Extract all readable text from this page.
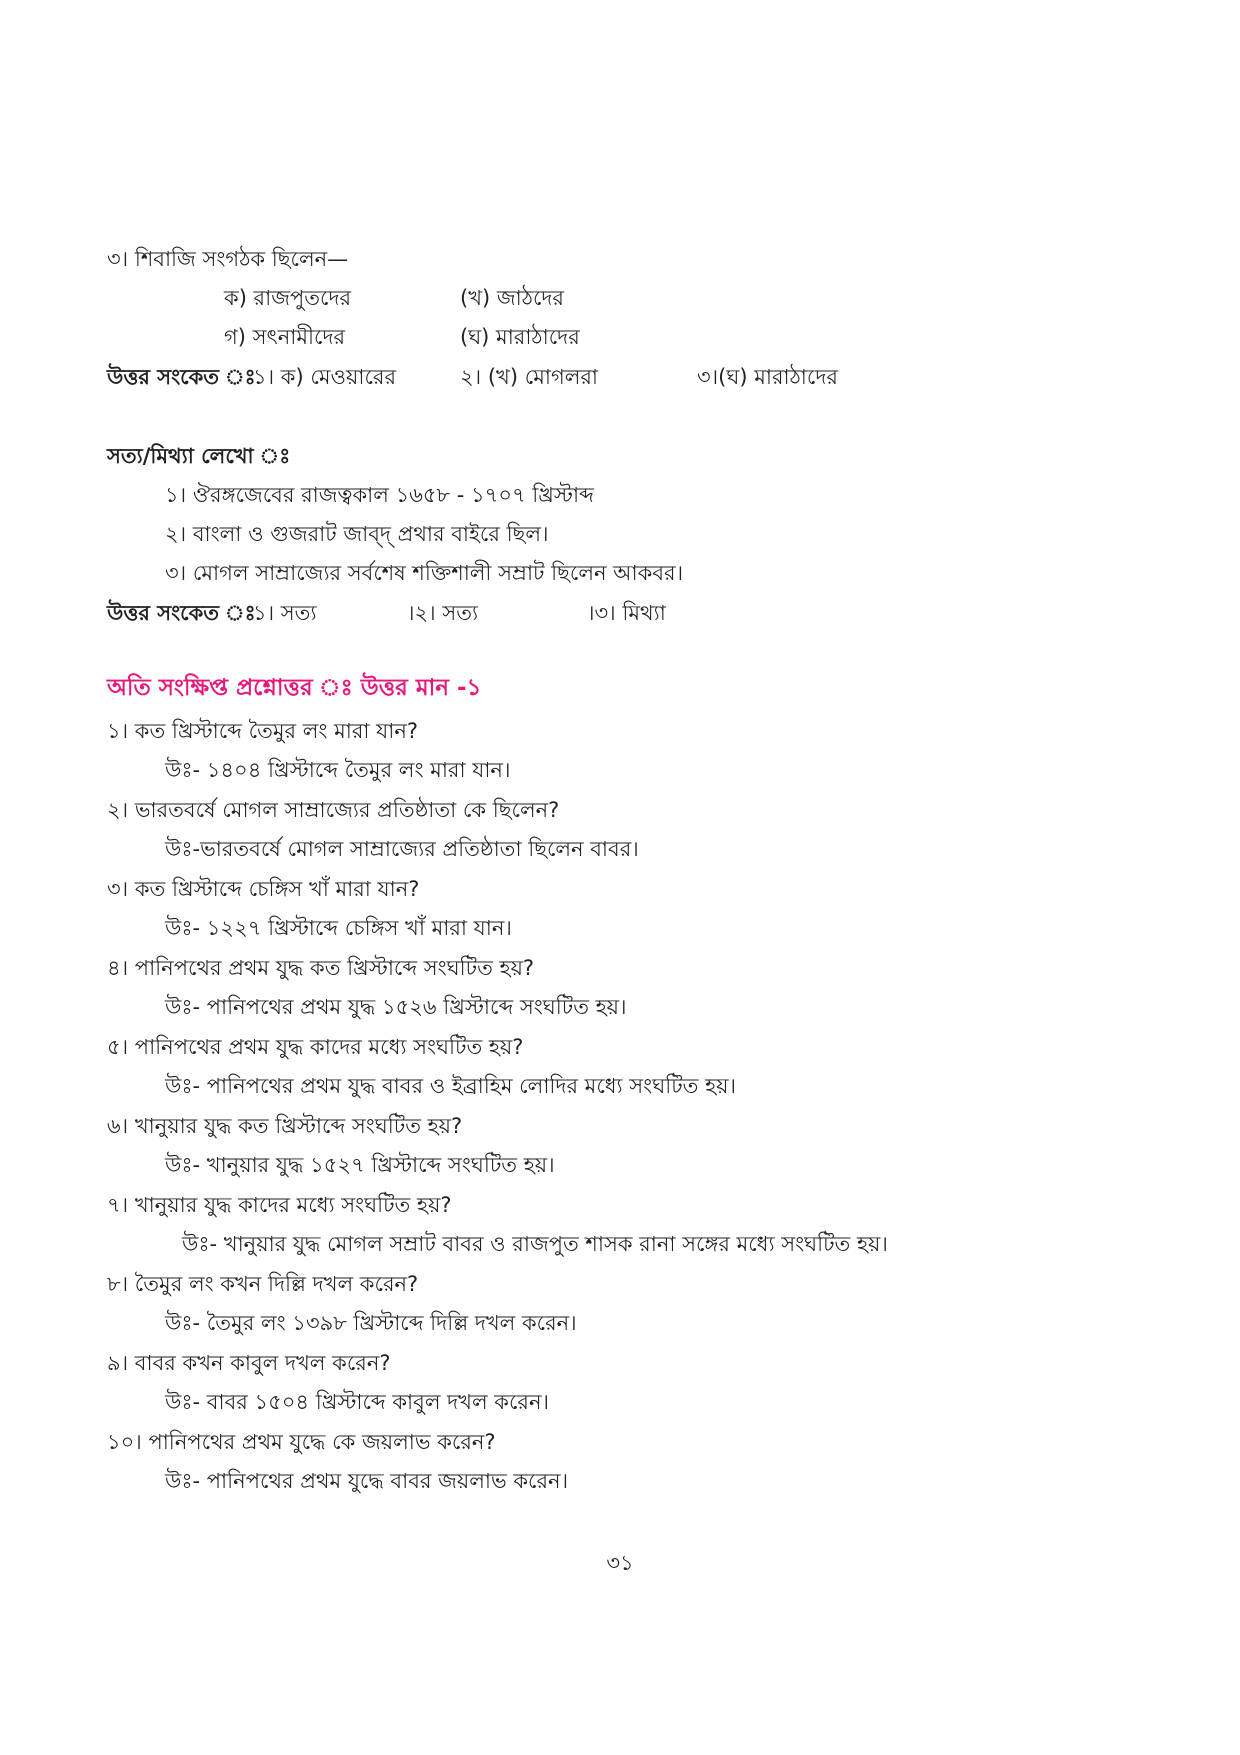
৩। শিবাজি সংগঠক ছিলেন—
ক) রাজপুতদের	(খ) জাঠদের
গ) সৎনামীদের	(ঘ) মারাঠাদের
উত্তর সংকেত ঃ
১। ক) মেওয়ারের	২। (খ) মোগলরা	৩।(ঘ) মারাঠাদের
সত্য/মিথ্যা লেখো ঃ
১। ঔরঙ্গজেবের রাজত্বকাল ১৬৫৮ - ১৭০৭ খ্রিস্টাব্দ
২। বাংলা ও গুজরাট জাব্‌দ্ প্রথার বাইরে ছিল।
৩। মোগল সাম্রাজ্যের সর্বশেষ শক্তিশালী সম্রাট ছিলেন আকবর।
উত্তর সংকেত ঃ
১। সত্য	।২। সত্য	।৩। মিথ্যা
অতি সংক্ষিপ্ত প্রশ্নোত্তর ঃ উত্তর মান -১
১। কত খ্রিস্টাব্দে তৈমুর লং মারা যান?
উঃ- ১৪০৪ খ্রিস্টাব্দে তৈমুর লং মারা যান।
২। ভারতবর্ষে মোগল সাম্রাজ্যের প্রতিষ্ঠাতা কে ছিলেন?
উঃ-ভারতবর্ষে মোগল সাম্রাজ্যের প্রতিষ্ঠাতা ছিলেন বাবর।
৩। কত খ্রিস্টাব্দে চেঙ্গিস খাঁ মারা যান?
উঃ- ১২২৭ খ্রিস্টাব্দে চেঙ্গিস খাঁ মারা যান।
৪। পানিপথের প্রথম যুদ্ধ কত খ্রিস্টাব্দে সংঘটিত হয়?
উঃ- পানিপথের প্রথম যুদ্ধ ১৫২৬ খ্রিস্টাব্দে সংঘটিত হয়।
৫। পানিপথের প্রথম যুদ্ধ কাদের মধ্যে সংঘটিত হয়?
উঃ- পানিপথের প্রথম যুদ্ধ বাবর ও ইব্রাহিম লোদির মধ্যে সংঘটিত হয়।
৬। খানুয়ার যুদ্ধ কত খ্রিস্টাব্দে সংঘটিত হয়?
উঃ- খানুয়ার যুদ্ধ ১৫২৭ খ্রিস্টাব্দে সংঘটিত হয়।
৭। খানুয়ার যুদ্ধ কাদের মধ্যে সংঘটিত হয়?
উঃ- খানুয়ার যুদ্ধ মোগল সম্রাট বাবর ও রাজপুত শাসক রানা সঙ্গের মধ্যে সংঘটিত হয়।
৮। তৈমুর লং কখন দিল্লি দখল করেন?
উঃ- তৈমুর লং ১৩৯৮ খ্রিস্টাব্দে দিল্লি দখল করেন।
৯। বাবর কখন কাবুল দখল করেন?
উঃ- বাবর ১৫০৪ খ্রিস্টাব্দে কাবুল দখল করেন।
১০। পানিপথের প্রথম যুদ্ধে কে জয়লাভ করেন?
উঃ- পানিপথের প্রথম যুদ্ধে বাবর জয়লাভ করেন।
৩১
